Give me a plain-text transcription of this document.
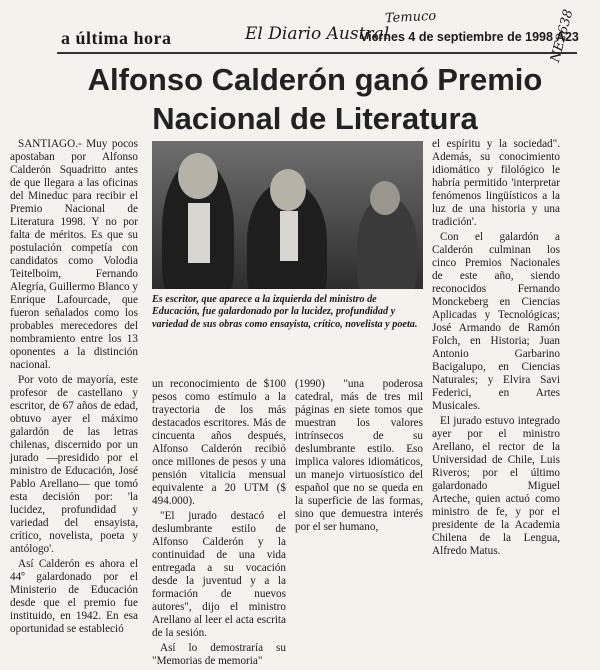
a última hora	El Diario Austral
Temuco
Viernes 4 de septiembre de 1998 A23
Alfonso Calderón ganó Premio Nacional de Literatura
NE2638

SANTIAGO.- Muy pocos apostaban por Alfonso Calderón Squadritto antes de que llegara a las oficinas del Mineduc para recibir el Premio Nacional de Literatura 1998. Y no por falta de méritos. Es que su postulación competía con candidatos como Volodia Teitelboim, Fernando Alegría, Guillermo Blanco y Enrique Lafourcade, que fueron señalados como los probables merecedores del nombramiento entre los 13 oponentes a la distinción nacional.

Por voto de mayoría, este profesor de castellano y escritor, de 67 años de edad, obtuvo ayer el máximo galardón de las letras chilenas, discernido por un jurado —presidido por el ministro de Educación, José Pablo Arellano— que tomó esta decisión por: 'la lucidez, profundidad y variedad del ensayista, crítico, novelista, poeta y antólogo'.

Así Calderón es ahora el 44º galardonado por el Ministerio de Educación desde que el premio fue instituido, en 1942. En esa oportunidad se estableció

Es escritor, que aparece a la izquierda del ministro de Educación, fue galardonado por la lucidez, profundidad y variedad de sus obras como ensayista, crítico, novelista y poeta.

un reconocimiento de $100 pesos como estímulo a la trayectoria de los más destacados escritores. Más de cincuenta años después, Alfonso Calderón recibió once millones de pesos y una pensión vitalicia mensual equivalente a 20 UTM ($ 494.000).

"El jurado destacó el deslumbrante estilo de Alfonso Calderón y la continuidad de una vida entregada a su vocación desde la juventud y a la formación de nuevos autores", dijo el ministro Arellano al leer el acta escrita de la sesión.

Así lo demostraría su "Memorias de memoria"

(1990) "una poderosa catedral, más de tres mil páginas en siete tomos que muestran los valores intrínsecos de su deslumbrante estilo. Eso implica valores idiomáticos, un manejo virtuosístico del español que no se queda en la superficie de las formas, sino que demuestra interés por el ser humano,

el espíritu y la sociedad". Además, su conocimiento idiomático y filológico le habría permitido 'interpretar fenómenos lingüísticos a la luz de una historia y una tradición'.

Con el galardón a Calderón culminan los cinco Premios Nacionales de este año, siendo reconocidos Fernando Monckeberg en Ciencias Aplicadas y Tecnológicas; José Armando de Ramón Folch, en Historia; Juan Antonio Garbarino Bacigalupo, en Ciencias Naturales; y Elvira Savi Federici, en Artes Musicales.

El jurado estuvo integrado ayer por el ministro Arellano, el rector de la Universidad de Chile, Luis Riveros; por el último galardonado Miguel Arteche, quien actuó como ministro de fe, y por el presidente de la Academia Chilena de la Lengua, Alfredo Matus.
